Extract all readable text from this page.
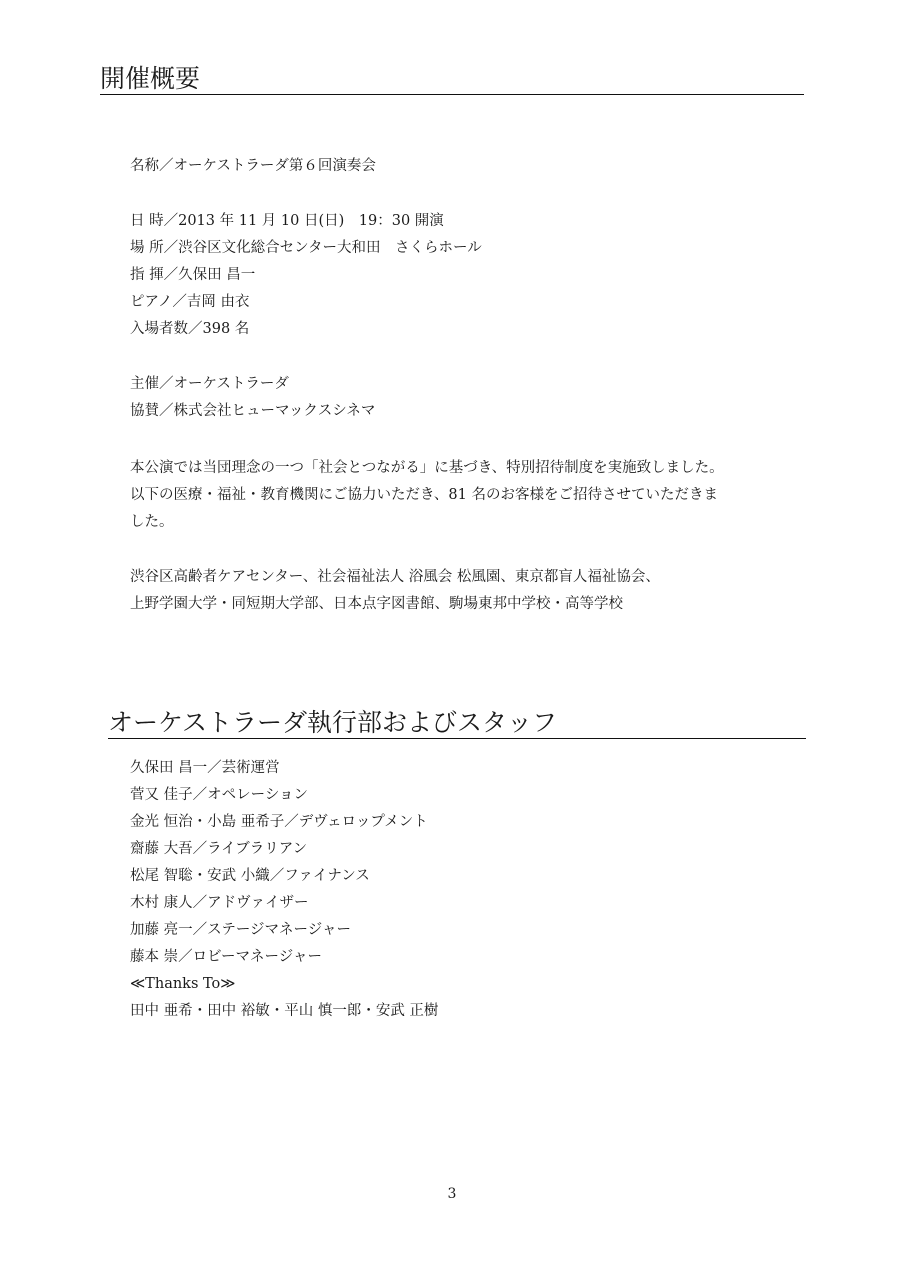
開催概要
名称／オーケストラーダ第６回演奏会
日 時／2013 年 11 月 10 日(日)　19：30 開演
場 所／渋谷区文化総合センター大和田　さくらホール
指 揮／久保田 昌一
ピアノ／吉岡 由衣
入場者数／398 名
主催／オーケストラーダ
協賛／株式会社ヒューマックスシネマ
本公演では当団理念の一つ「社会とつながる」に基づき、特別招待制度を実施致しました。
以下の医療・福祉・教育機関にご協力いただき、81 名のお客様をご招待させていただきま
した。
渋谷区高齢者ケアセンター、社会福祉法人 浴風会 松風園、東京都盲人福祉協会、
上野学園大学・同短期大学部、日本点字図書館、駒場東邦中学校・高等学校
オーケストラーダ執行部およびスタッフ
久保田 昌一／芸術運営
菅又 佳子／オペレーション
金光 恒治・小島 亜希子／デヴェロップメント
齋藤 大吾／ライブラリアン
松尾 智聡・安武 小織／ファイナンス
木村 康人／アドヴァイザー
加藤 亮一／ステージマネージャー
藤本 崇／ロビーマネージャー
≪Thanks To≫
田中 亜希・田中 裕敏・平山 慎一郎・安武 正樹
3
